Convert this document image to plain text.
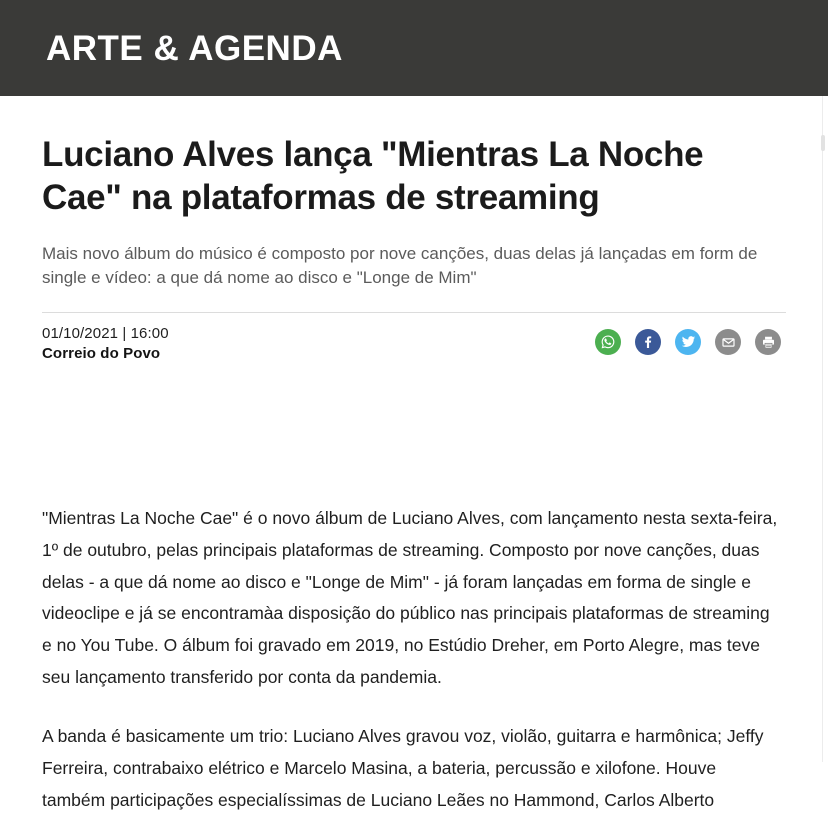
ARTE & AGENDA
Luciano Alves lança "Mientras La Noche Cae" na plataformas de streaming

Mais novo álbum do músico é composto por nove canções, duas delas já lançadas em form de single e vídeo: a que dá nome ao disco e "Longe de Mim"

01/10/2021 | 16:00
Correio do Povo

"Mientras La Noche Cae" é o novo álbum de Luciano Alves, com lançamento nesta sexta-feira, 1º de outubro, pelas principais plataformas de streaming. Composto por nove canções, duas delas - a que dá nome ao disco e "Longe de Mim" - já foram lançadas em forma de single e videoclipe e já se encontramàa disposição do público nas principais plataformas de streaming e no You Tube. O álbum foi gravado em 2019, no Estúdio Dreher, em Porto Alegre, mas teve seu lançamento transferido por conta da pandemia.

A banda é basicamente um trio: Luciano Alves gravou voz, violão, guitarra e harmônica; Jeffy Ferreira, contrabaixo elétrico e Marcelo Masina, a bateria, percussão e xilofone. Houve também participações especialíssimas de Luciano Leães no Hammond, Carlos Alberto
